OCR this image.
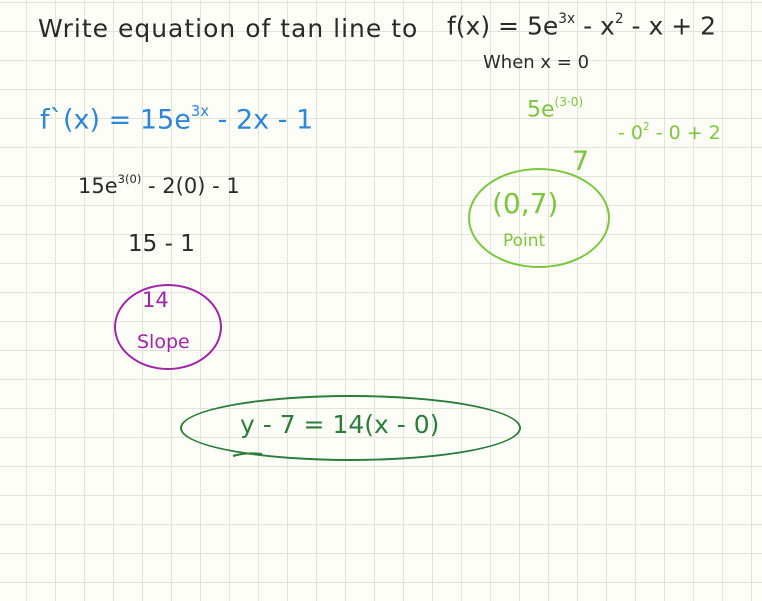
Write equation of tan line to $f(x) = 5e^{3x} - x^2 - x + 2$
When x = 0
f`(x) = $15e^{3x} - 2x - 1$
$15e^{3(0)} - 2(0) - 1$
15 - 1
14
Slope
$5e^{(3\cdot 0)}$
- $0^2 - 0 + 2$
7
(0,7)
Point
y - 7 = 14(x - 0)
